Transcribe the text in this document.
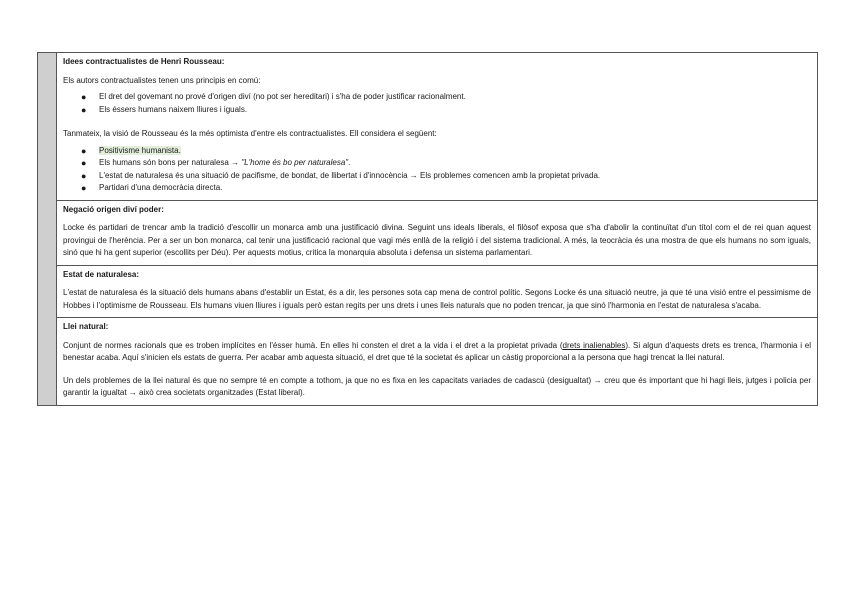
Idees contractualistes de Henri Rousseau:
Els autors contractualistes tenen uns principis en comú:
● El dret del govemant no prové d'origen diví (no pot ser hereditari) i s'ha de poder justificar racionalment.
● Els éssers humans naixem lliures i iguals.
Tanmateix, la visió de Rousseau és la més optimista d'entre els contractualistes. Ell considera el següent:
● Positivisme humanista.
● Els humans són bons per naturalesa → "L'home és bo per naturalesa".
● L'estat de naturalesa és una situació de pacifisme, de bondat, de llibertat i d'innocència → Els problemes comencen amb la propietat privada.
● Partidari d'una democràcia directa.

Negació origen diví poder:

Locke és partidari de trencar amb la tradició d'escollir un monarca amb una justificació divina. Seguint uns ideals liberals, el filòsof exposa que s'ha d'abolir la continuïtat d'un títol com el de rei quan aquest provingui de l'herència. Per a ser un bon monarca, cal tenir una justificació racional que vagi més enllà de la religió i del sistema tradicional. A més, la teocràcia és una mostra de que els humans no som iguals, sinó que hi ha gent superior (escollits per Déu). Per aquests motius, critica la monarquia absoluta i defensa un sistema parlamentari.

Estat de naturalesa:

L'estat de naturalesa és la situació dels humans abans d'establir un Estat, és a dir, les persones sota cap mena de control polític. Segons Locke és una situació neutre, ja que té una visió entre el pessimisme de Hobbes i l'optimisme de Rousseau. Els humans viuen lliures i iguals però estan regits per uns drets i unes lleis naturals que no poden trencar, ja que sinó l'harmonia en l'estat de naturalesa s'acaba.

Llei natural:

Conjunt de normes racionals que es troben implícites en l'ésser humà. En elles hi consten el dret a la vida i el dret a la propietat privada (drets inalienables). Si algun d'aquests drets es trenca, l'harmonia i el benestar acaba. Aquí s'inicien els estats de guerra. Per acabar amb aquesta situació, el dret que té la societat és aplicar un càstig proporcional a la persona que hagi trencat la llei natural.

Un dels problemes de la llei natural és que no sempre té en compte a tothom, ja que no es fixa en les capacitats variades de cadascú (desigualtat) → creu que és important que hi hagi lleis, jutges i policia per garantir la igualtat → això crea societats organitzades (Estat liberal).
